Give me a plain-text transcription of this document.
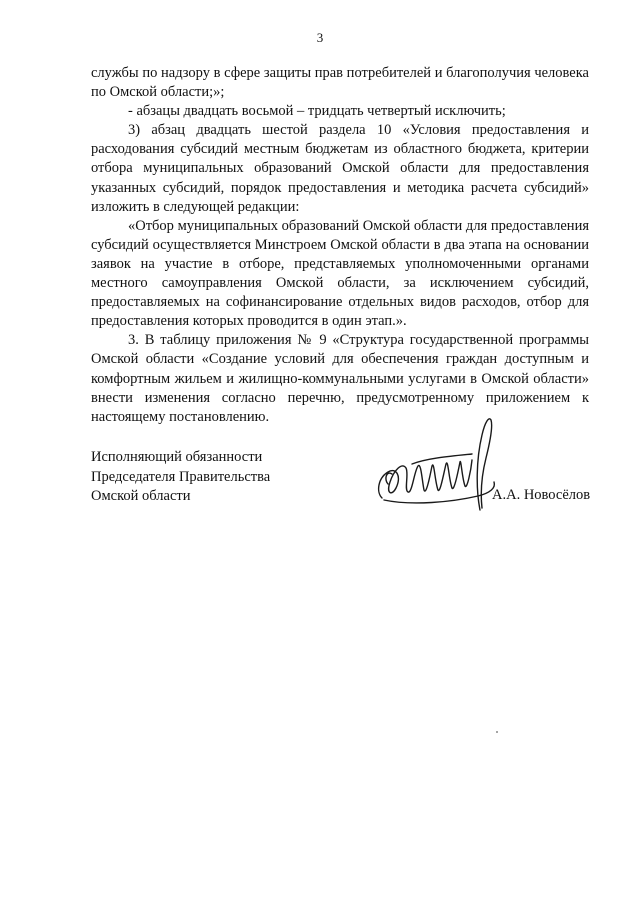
3

службы по надзору в сфере защиты прав потребителей и благополучия человека по Омской области;»;

- абзацы двадцать восьмой – тридцать четвертый исключить;

3) абзац двадцать шестой раздела 10 «Условия предоставления и расходования субсидий местным бюджетам из областного бюджета, критерии отбора муниципальных образований Омской области для предоставления указанных субсидий, порядок предоставления и методика расчета субсидий» изложить в следующей редакции:

«Отбор муниципальных образований Омской области для предоставления субсидий осуществляется Минстроем Омской области в два этапа на основании заявок на участие в отборе, представляемых уполномоченными органами местного самоуправления Омской области, за исключением субсидий, предоставляемых на софинансирование отдельных видов расходов, отбор для предоставления которых проводится в один этап.».

3. В таблицу приложения № 9 «Структура государственной программы Омской области «Создание условий для обеспечения граждан доступным и комфортным жильем и жилищно-коммунальными услугами в Омской области» внести изменения согласно перечню, предусмотренному приложением к настоящему постановлению.

Исполняющий обязанности
Председателя Правительства
Омской области	А.А. Новосёлов
